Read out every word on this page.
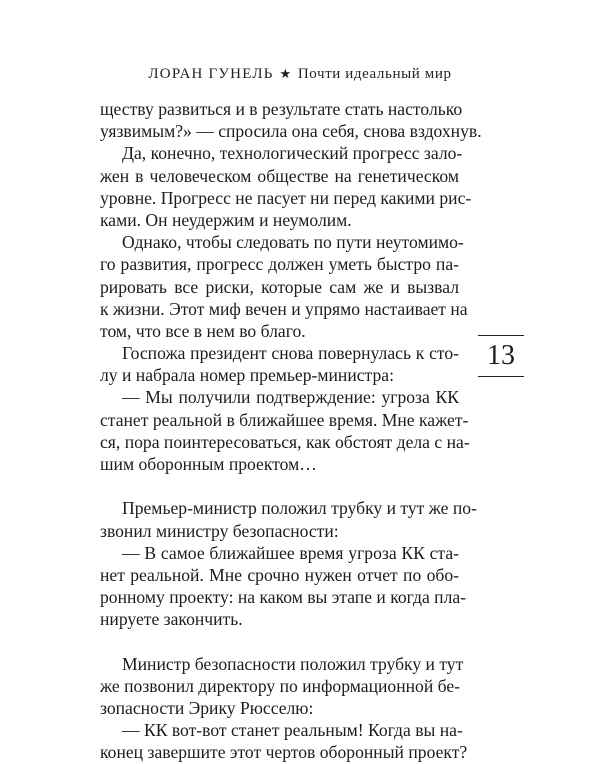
ЛОРАН ГУНЕЛЬ ★ Почти идеальный мир
ществу развиться и в результате стать настолько
уязвимым?» — спросила она себя, снова вздохнув.
Да, конечно, технологический прогресс зало-
жен в человеческом обществе на генетическом
уровне. Прогресс не пасует ни перед какими рис-
ками. Он неудержим и неумолим.
Однако, чтобы следовать по пути неутомимо-
го развития, прогресс должен уметь быстро па-
рировать все риски, которые сам же и вызвал
к жизни. Этот миф вечен и упрямо настаивает на
том, что все в нем во благо.
Госпожа президент снова повернулась к сто-
лу и набрала номер премьер-министра:
— Мы получили подтверждение: угроза КК
станет реальной в ближайшее время. Мне кажет-
ся, пора поинтересоваться, как обстоят дела с на-
шим оборонным проектом…
Премьер-министр положил трубку и тут же по-
звонил министру безопасности:
— В самое ближайшее время угроза КК ста-
нет реальной. Мне срочно нужен отчет по обо-
ронному проекту: на каком вы этапе и когда пла-
нируете закончить.
Министр безопасности положил трубку и тут
же позвонил директору по информационной бе-
зопасности Эрику Рюсселю:
— КК вот-вот станет реальным! Когда вы на-
конец завершите этот чертов оборонный проект?
13
